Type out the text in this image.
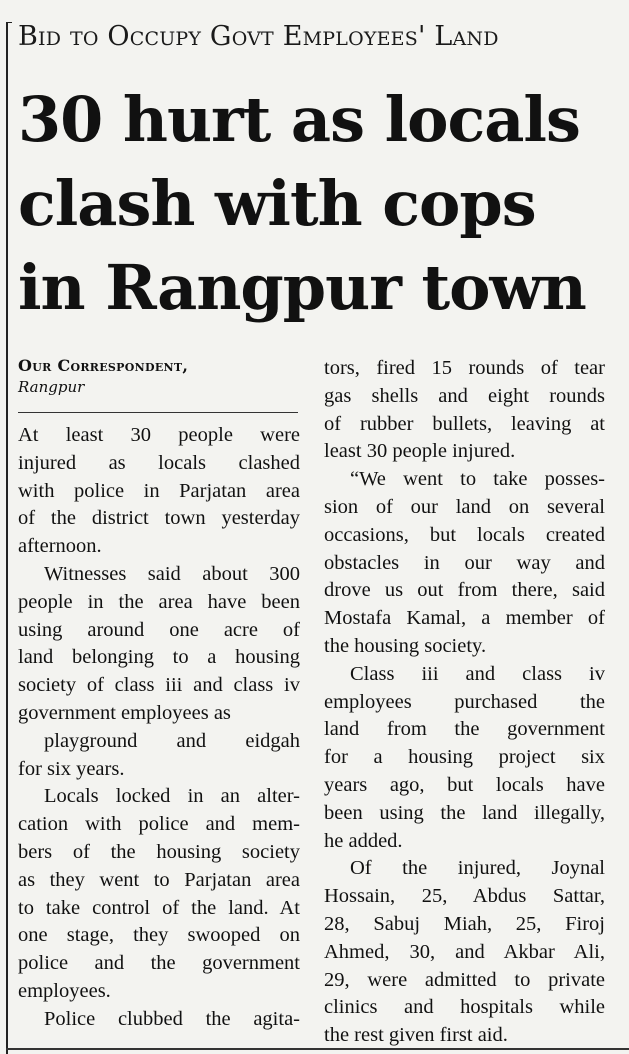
Bid to Occupy Govt Employees' Land
30 hurt as locals
clash with cops
in Rangpur town
Our Correspondent,
Rangpur
At least 30 people were
injured as locals clashed
with police in Parjatan area
of the district town yesterday
afternoon.
Witnesses said about 300
people in the area have been
using around one acre of
land belonging to a housing
society of class iii and class iv
government employees as
playground and eidgah
for six years.
Locals locked in an alter-
cation with police and mem-
bers of the housing society
as they went to Parjatan area
to take control of the land. At
one stage, they swooped on
police and the government
employees.
Police clubbed the agita-
tors, fired 15 rounds of tear
gas shells and eight rounds
of rubber bullets, leaving at
least 30 people injured.
“We went to take posses-
sion of our land on several
occasions, but locals created
obstacles in our way and
drove us out from there, said
Mostafa Kamal, a member of
the housing society.
Class iii and class iv
employees purchased the
land from the government
for a housing project six
years ago, but locals have
been using the land illegally,
he added.
Of the injured, Joynal
Hossain, 25, Abdus Sattar,
28, Sabuj Miah, 25, Firoj
Ahmed, 30, and Akbar Ali,
29, were admitted to private
clinics and hospitals while
the rest given first aid.
